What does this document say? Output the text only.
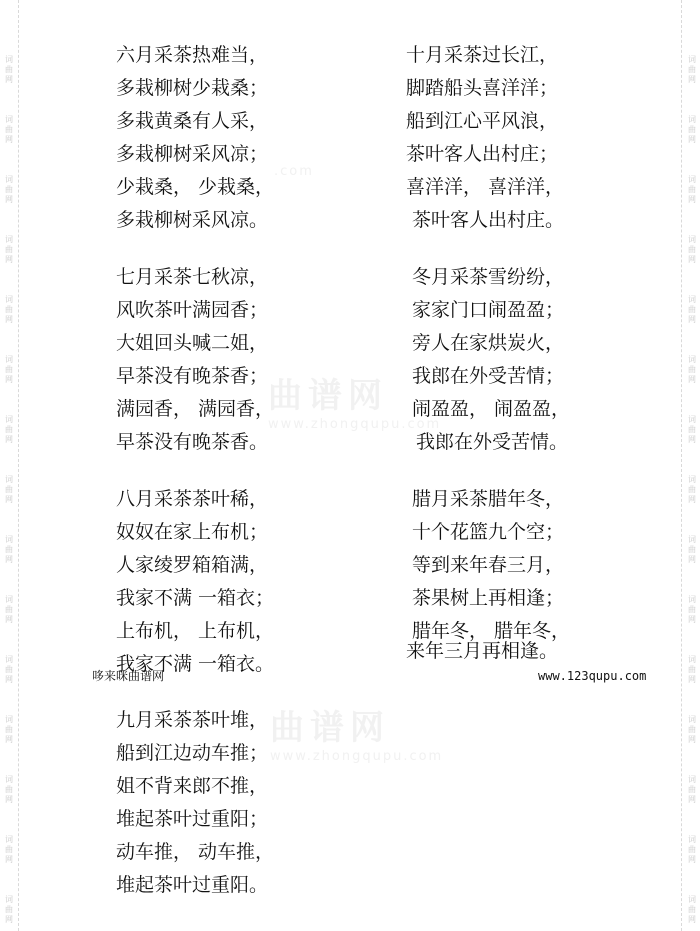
词
曲
网
词
曲
网
词
曲
网
词
曲
网
词
曲
网
词
曲
网
词
曲
网
词
曲
网
词
曲
网
词
曲
网
词
曲
网
词
曲
网
词
曲
网
词
曲
网
词
曲
网
词
曲
网
词
曲
网
词
曲
网
词
曲
网
词
曲
网
词
曲
网
词
曲
网
词
曲
网
词
曲
网
词
曲
网
词
曲
网
词
曲
网
词
曲
网
词
曲
网
词
曲
网
.com
曲谱网
www.zhongqupu.com
曲谱网
www.zhongqupu.com
六月采茶热难当，
多栽柳树少栽桑；
多栽黄桑有人采，
多栽柳树采风凉；
少栽桑， 少栽桑，
多栽柳树采风凉。
七月采茶七秋凉，
风吹茶叶满园香；
大姐回头喊二姐，
早茶没有晚茶香；
满园香， 满园香，
早茶没有晚茶香。
八月采茶茶叶稀，
奴奴在家上布机；
人家绫罗箱箱满，
我家不满 一箱衣；
上布机， 上布机，
我家不满 一箱衣。
哆来咪曲谱网	www.123qupu.com
九月采茶茶叶堆，
船到江边动车推；
姐不背来郎不推，
堆起茶叶过重阳；
动车推， 动车推，
堆起茶叶过重阳。
十月采茶过长江，
脚踏船头喜洋洋；
船到江心平风浪，
茶叶客人出村庄；
喜洋洋， 喜洋洋，
茶叶客人出村庄。
冬月采茶雪纷纷，
家家门口闹盈盈；
旁人在家烘炭火，
我郎在外受苦情；
闹盈盈， 闹盈盈，
我郎在外受苦情。
腊月采茶腊年冬，
十个花篮九个空；
等到来年春三月，
茶果树上再相逢；
腊年冬， 腊年冬，
来年三月再相逢。
